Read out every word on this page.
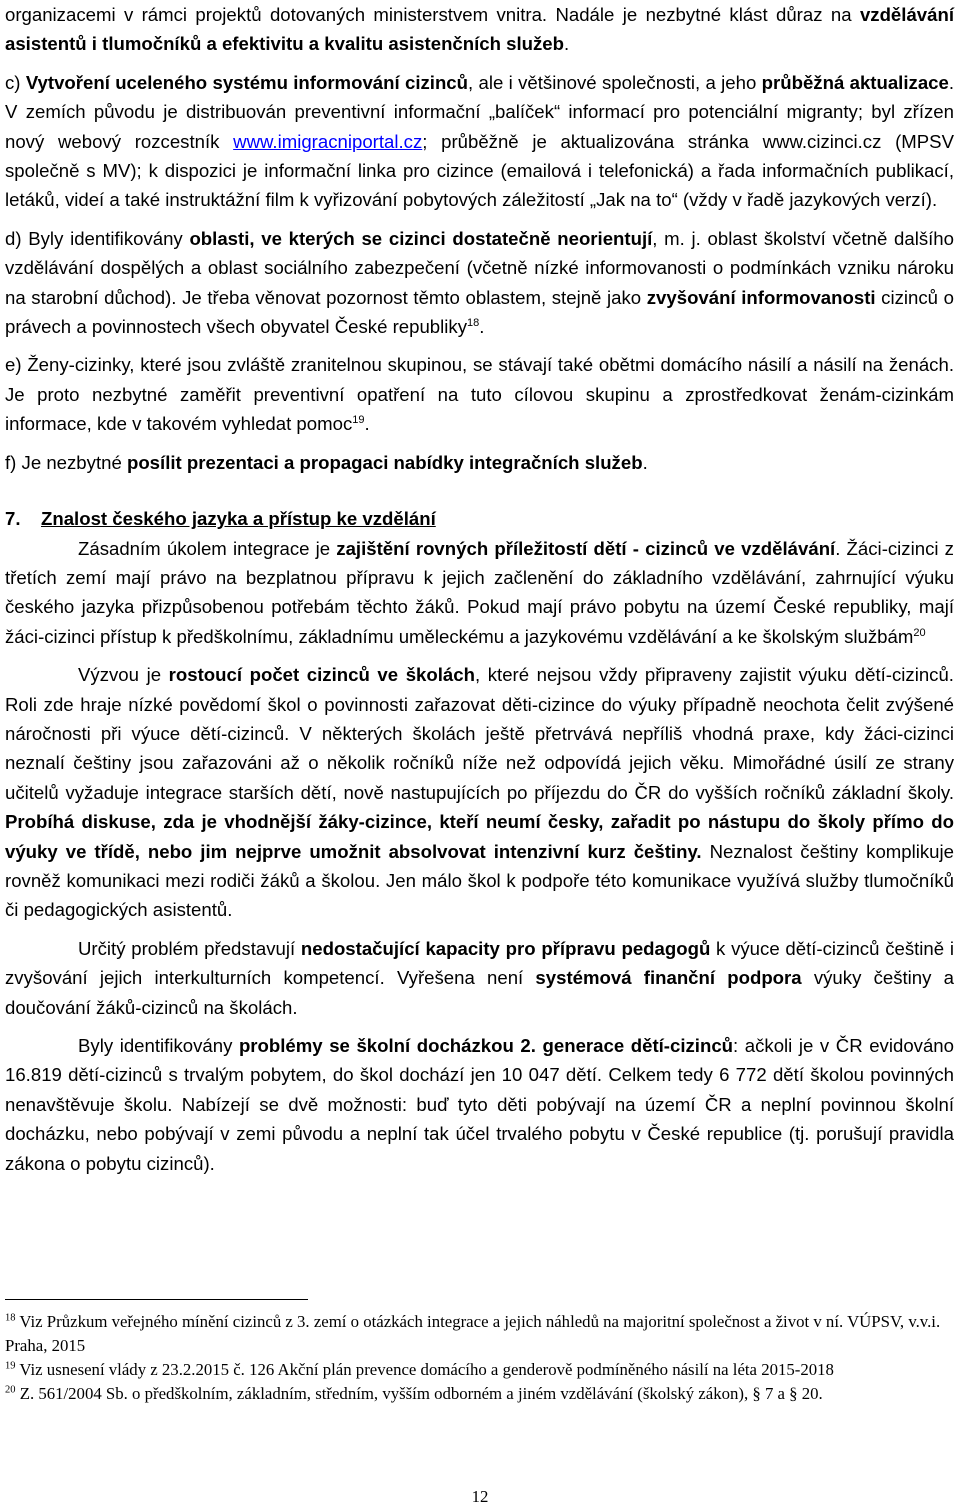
organizacemi v rámci projektů dotovaných ministerstvem vnitra. Nadále je nezbytné klást důraz na vzdělávání asistentů i tlumočníků a efektivitu a kvalitu asistenčních služeb.

c) Vytvoření uceleného systému informování cizinců, ale i většinové společnosti, a jeho průběžná aktualizace. V zemích původu je distribuován preventivní informační „balíček“ informací pro potenciální migranty; byl zřízen nový webový rozcestník www.imigracniportal.cz; průběžně je aktualizována stránka www.cizinci.cz (MPSV společně s MV); k dispozici je informační linka pro cizince (emailová i telefonická) a řada informačních publikací, letáků, videí a také instruktážní film k vyřizování pobytových záležitostí „Jak na to“ (vždy v řadě jazykových verzí).

d) Byly identifikovány oblasti, ve kterých se cizinci dostatečně neorientují, m. j. oblast školství včetně dalšího vzdělávání dospělých a oblast sociálního zabezpečení (včetně nízké informovanosti o podmínkách vzniku nároku na starobní důchod). Je třeba věnovat pozornost těmto oblastem, stejně jako zvyšování informovanosti cizinců o právech a povinnostech všech obyvatel České republiky$^{18}$.

e) Ženy-cizinky, které jsou zvláště zranitelnou skupinou, se stávají také obětmi domácího násilí a násilí na ženách. Je proto nezbytné zaměřit preventivní opatření na tuto cílovou skupinu a zprostředkovat ženám-cizinkám informace, kde v takovém vyhledat pomoc$^{19}$.

f) Je nezbytné posílit prezentaci a propagaci nabídky integračních služeb.

7.	Znalost českého jazyka a přístup ke vzdělání

Zásadním úkolem integrace je zajištění rovných příležitostí dětí - cizinců ve vzdělávání. Žáci-cizinci z třetích zemí mají právo na bezplatnou přípravu k jejich začlenění do základního vzdělávání, zahrnující výuku českého jazyka přizpůsobenou potřebám těchto žáků. Pokud mají právo pobytu na území České republiky, mají žáci-cizinci přístup k předškolnímu, základnímu uměleckému a jazykovému vzdělávání a ke školským službám$^{20}$

Výzvou je rostoucí počet cizinců ve školách, které nejsou vždy připraveny zajistit výuku dětí-cizinců. Roli zde hraje nízké povědomí škol o povinnosti zařazovat děti-cizince do výuky případně neochota čelit zvýšené náročnosti při výuce dětí-cizinců. V některých školách ještě přetrvává nepříliš vhodná praxe, kdy žáci-cizinci neznalí češtiny jsou zařazováni až o několik ročníků níže než odpovídá jejich věku. Mimořádné úsilí ze strany učitelů vyžaduje integrace starších dětí, nově nastupujících po příjezdu do ČR do vyšších ročníků základní školy. Probíhá diskuse, zda je vhodnější žáky-cizince, kteří neumí česky, zařadit po nástupu do školy přímo do výuky ve třídě, nebo jim nejprve umožnit absolvovat intenzivní kurz češtiny. Neznalost češtiny komplikuje rovněž komunikaci mezi rodiči žáků a školou. Jen málo škol k podpoře této komunikace využívá služby tlumočníků či pedagogických asistentů.

Určitý problém představují nedostačující kapacity pro přípravu pedagogů k výuce dětí-cizinců češtině i zvyšování jejich interkulturních kompetencí. Vyřešena není systémová finanční podpora výuky češtiny a doučování žáků-cizinců na školách.

Byly identifikovány problémy se školní docházkou 2. generace dětí-cizinců: ačkoli je v ČR evidováno 16.819 dětí-cizinců s trvalým pobytem, do škol dochází jen 10 047 dětí. Celkem tedy 6 772 dětí školou povinných nenavštěvuje školu. Nabízejí se dvě možnosti: buď tyto děti pobývají na území ČR a neplní povinnou školní docházku, nebo pobývají v zemi původu a neplní tak účel trvalého pobytu v České republice (tj. porušují pravidla zákona o pobytu cizinců).

$^{18}$ Viz Průzkum veřejného mínění cizinců z 3. zemí o otázkách integrace a jejich náhledů na majoritní společnost a život v ní. VÚPSV, v.v.i. Praha, 2015

$^{19}$ Viz usnesení vlády z 23.2.2015 č. 126 Akční plán prevence domácího a genderově podmíněného násilí na léta 2015-2018

$^{20}$ Z. 561/2004 Sb. o předškolním, základním, středním, vyšším odborném a jiném vzdělávání (školský zákon), § 7 a § 20.

12
